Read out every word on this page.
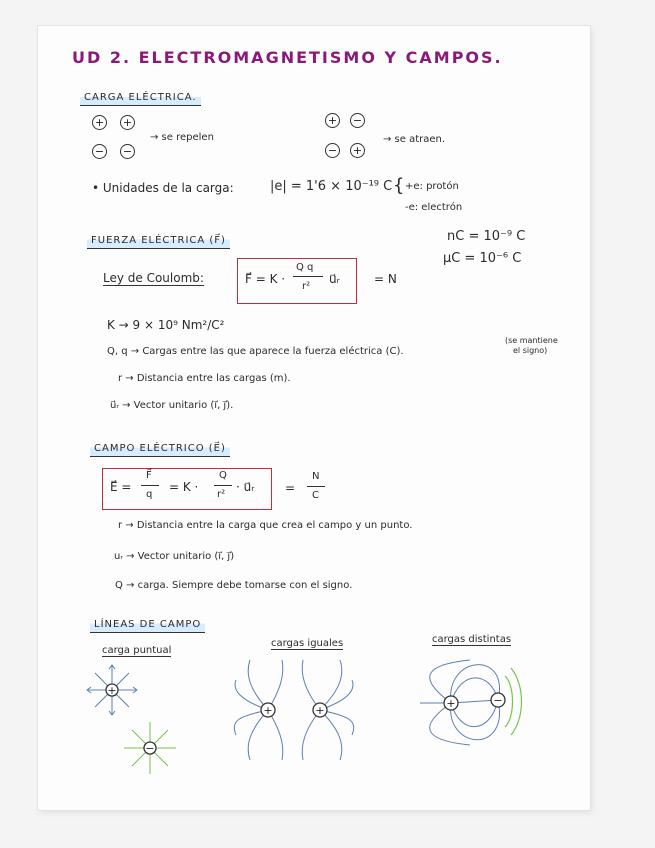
UD 2. ELECTROMAGNETISMO Y CAMPOS.
CARGA ELÉCTRICA.
+ +
− −
→ se repelen
+ −
− +
→ se atraen.
• Unidades de la carga:	|e| = 1'6 × 10⁻¹⁹ C { +e: protón
-e: electrón
nC = 10⁻⁹ C
μC = 10⁻⁶ C
FUERZA ELÉCTRICA (F⃗)
Ley de Coulomb:	F⃗ = K ·
Q q
r²
u⃗ᵣ	= N
K → 9 × 10⁹ Nm²/C²
Q, q → Cargas entre las que aparece la fuerza eléctrica (C).
(se mantiene
el signo)
r → Distancia entre las cargas (m).
u⃗ᵣ → Vector unitario (i⃗, j⃗).
CAMPO ELÉCTRICO (E⃗)
E⃗ =
F⃗
q
= K ·
Q
r²
· u⃗ᵣ	=
N
C
r → Distancia entre la carga que crea el campo y un punto.
uᵣ → Vector unitario (i⃗, j⃗)
Q → carga. Siempre debe tomarse con el signo.
LÍNEAS DE CAMPO
carga puntual
cargas iguales	cargas distintas
+
−
+	+
+	−
